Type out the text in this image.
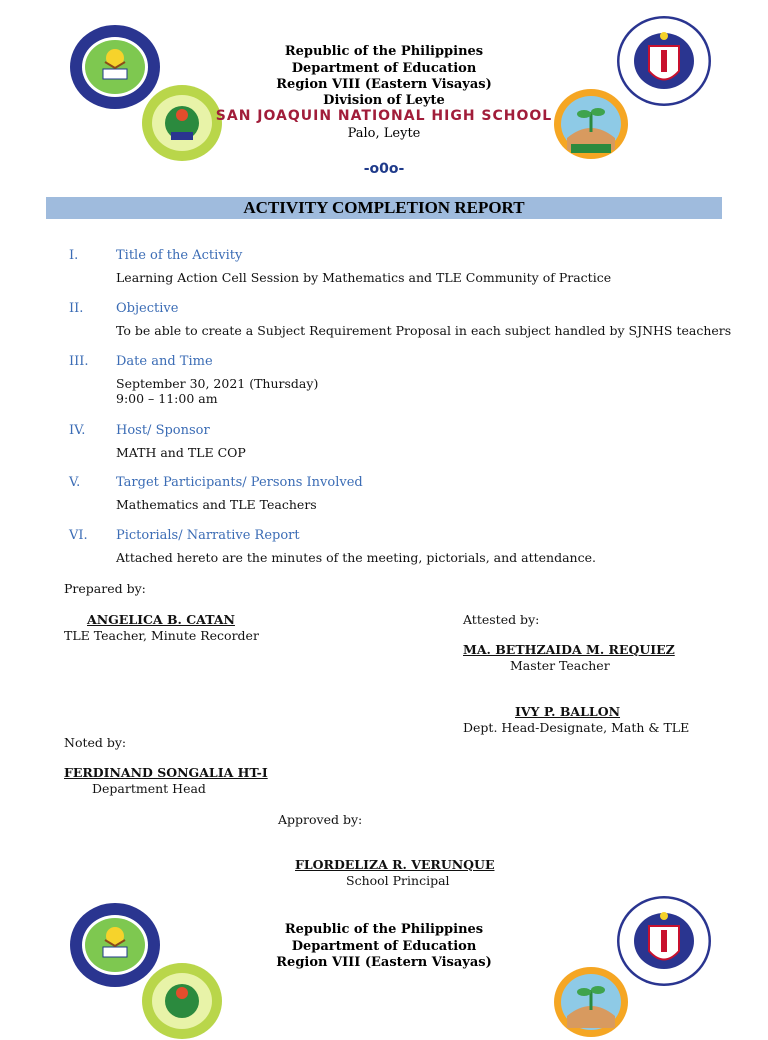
Republic of the Philippines
Department of Education
Region VIII (Eastern Visayas)
Division of Leyte
SAN JOAQUIN NATIONAL HIGH SCHOOL
Palo, Leyte
-o0o-
ACTIVITY COMPLETION REPORT
I.	Title of the Activity
Learning Action Cell Session by Mathematics and TLE Community of Practice
II.	Objective
To be able to create a Subject Requirement Proposal in each subject handled by SJNHS teachers
III. Date and Time
September 30, 2021 (Thursday)
9:00 – 11:00 am
IV. Host/ Sponsor
MATH and TLE COP
V.	Target Participants/ Persons Involved
Mathematics and TLE Teachers
VI. Pictorials/ Narrative Report
Attached hereto are the minutes of the meeting, pictorials, and attendance.
Prepared by:
ANGELICA B. CATAN
TLE Teacher, Minute Recorder
Attested by:
MA. BETHZAIDA M. REQUIEZ
Master Teacher
IVY P. BALLON
Dept. Head-Designate, Math & TLE
Noted by:
FERDINAND SONGALIA HT-I
Department Head
Approved by:
FLORDELIZA R. VERUNQUE
School Principal
Republic of the Philippines
Department of Education
Region VIII (Eastern Visayas)
